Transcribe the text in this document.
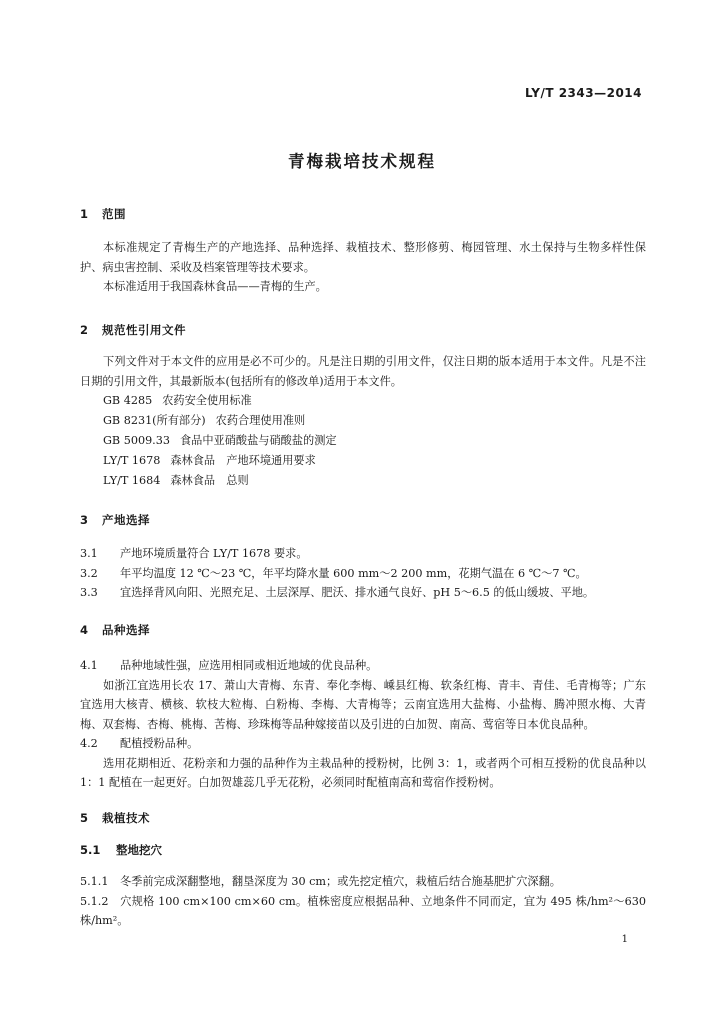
LY/T 2343—2014
青梅栽培技术规程
1 范围
本标准规定了青梅生产的产地选择、品种选择、栽植技术、整形修剪、梅园管理、水土保持与生物多样性保护、病虫害控制、采收及档案管理等技术要求。
本标准适用于我国森林食品——青梅的生产。
2 规范性引用文件
下列文件对于本文件的应用是必不可少的。凡是注日期的引用文件，仅注日期的版本适用于本文件。凡是不注日期的引用文件，其最新版本(包括所有的修改单)适用于本文件。
GB 4285 农药安全使用标准
GB 8231(所有部分) 农药合理使用准则
GB 5009.33 食品中亚硝酸盐与硝酸盐的测定
LY/T 1678 森林食品　产地环境通用要求
LY/T 1684 森林食品　总则
3 产地选择
3.1 产地环境质量符合 LY/T 1678 要求。
3.2 年平均温度 12 ℃～23 ℃，年平均降水量 600 mm～2 200 mm，花期气温在 6 ℃～7 ℃。
3.3 宜选择背风向阳、光照充足、土层深厚、肥沃、排水通气良好、pH 5～6.5 的低山缓坡、平地。
4 品种选择
4.1 品种地域性强，应选用相同或相近地域的优良品种。
如浙江宜选用长农 17、萧山大青梅、东青、奉化李梅、嵊县红梅、软条红梅、青丰、青佳、毛青梅等；广东宜选用大核青、横核、软枝大粒梅、白粉梅、李梅、大青梅等；云南宜选用大盐梅、小盐梅、腾冲照水梅、大青梅、双套梅、杏梅、桃梅、苦梅、珍珠梅等品种嫁接苗以及引进的白加贺、南高、莺宿等日本优良品种。
4.2 配植授粉品种。
选用花期相近、花粉亲和力强的品种作为主栽品种的授粉树，比例 3：1，或者两个可相互授粉的优良品种以 1：1 配植在一起更好。白加贺雄蕊几乎无花粉，必须同时配植南高和莺宿作授粉树。
5 栽植技术
5.1 整地挖穴
5.1.1 冬季前完成深翻整地，翻垦深度为 30 cm；或先挖定植穴，栽植后结合施基肥扩穴深翻。
5.1.2 穴规格 100 cm×100 cm×60 cm。植株密度应根据品种、立地条件不同而定，宜为 495 株/hm²～630 株/hm²。
1
